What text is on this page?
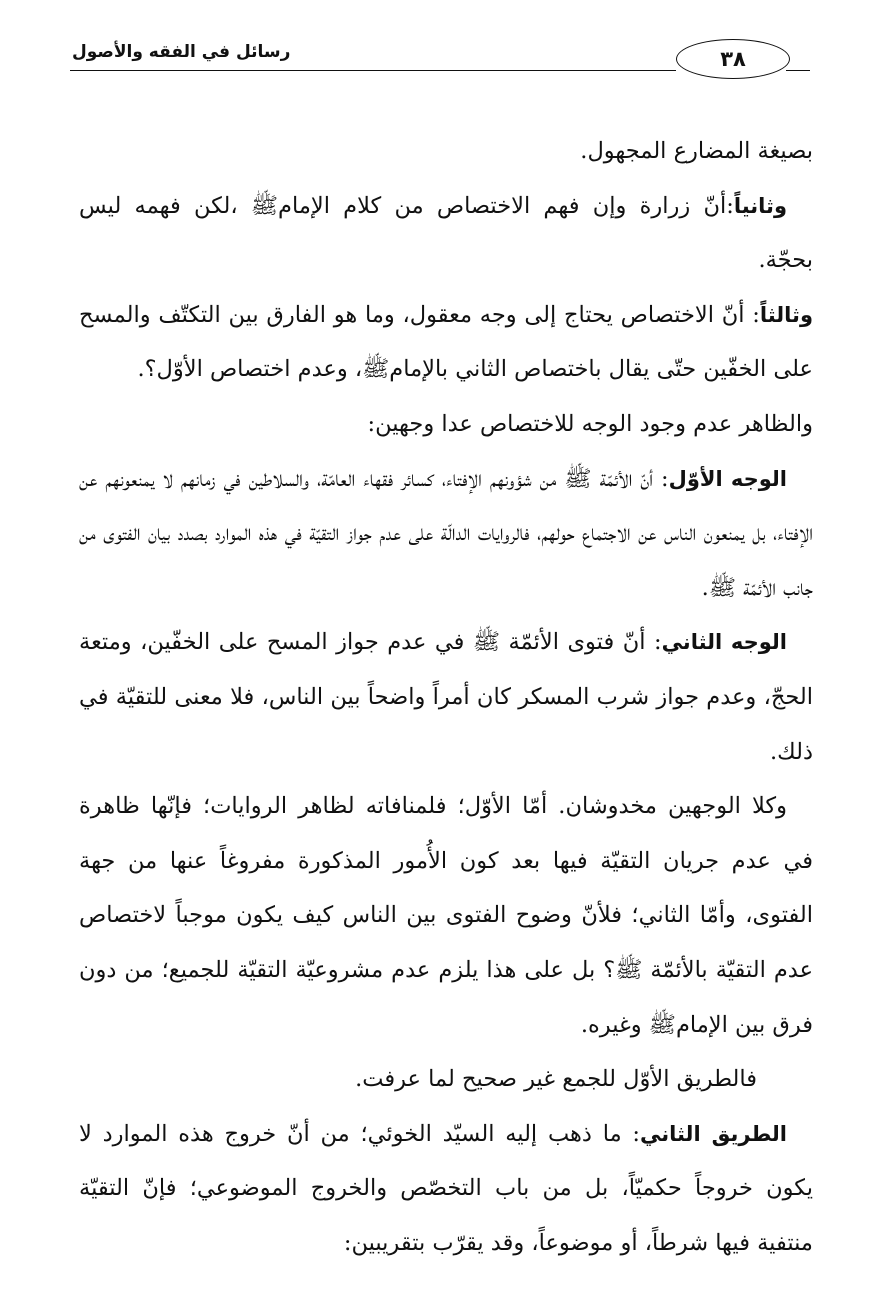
رسائل في الفقه والأصول	٣٨

بصيغة المضارع المجهول.

وثانياً:أنّ زرارة وإن فهم الاختصاص من كلام الإمام‏ﷺ ،لكن فهمه ليس بحجّة.

وثالثاً: أنّ الاختصاص يحتاج إلى وجه معقول، وما هو الفارق بين التكتّف والمسح على الخفّين حتّى يقال باختصاص الثاني بالإمام‏ﷺ، وعدم اختصاص الأوّل؟.

والظاهر عدم وجود الوجه للاختصاص عدا وجهين:

الوجه الأوّل: أنّ الأئمّة ﷺ من شؤونهم الإفتاء، كسائر فقهاء العامّة، والسلاطين في زمانهم لا يمنعونهم عن الإفتاء، بل يمنعون الناس عن الاجتماع حولهم، فالروايات الدالّة على عدم جواز التقيّة في هذه الموارد بصدد بيان الفتوى من جانب الأئمّة ﷺ.

الوجه الثاني: أنّ فتوى الأئمّة ﷺ في عدم جواز المسح على الخفّين، ومتعة الحجّ، وعدم جواز شرب المسكر كان أمراً واضحاً بين الناس، فلا معنى للتقيّة في ذلك.

وكلا الوجهين مخدوشان. أمّا الأوّل؛ فلمنافاته لظاهر الروايات؛ فإنّها ظاهرة في عدم جريان التقيّة فيها بعد كون الأُمور المذكورة مفروغاً عنها من جهة الفتوى، وأمّا الثاني؛ فلأنّ وضوح الفتوى بين الناس كيف يكون موجباً لاختصاص عدم التقيّة بالأئمّة ﷺ؟ بل على هذا يلزم عدم مشروعيّة التقيّة للجميع؛ من دون فرق بين الإمام‏ﷺ وغيره.

فالطريق الأوّل للجمع غير صحيح لما عرفت.

الطريق الثاني: ما ذهب إليه السيّد الخوئي‏؛ من أنّ خروج هذه الموارد لا يكون خروجاً حكميّاً، بل من باب التخصّص والخروج الموضوعي؛ فإنّ التقيّة منتفية فيها شرطاً، أو موضوعاً، وقد يقرّب بتقريبين:
